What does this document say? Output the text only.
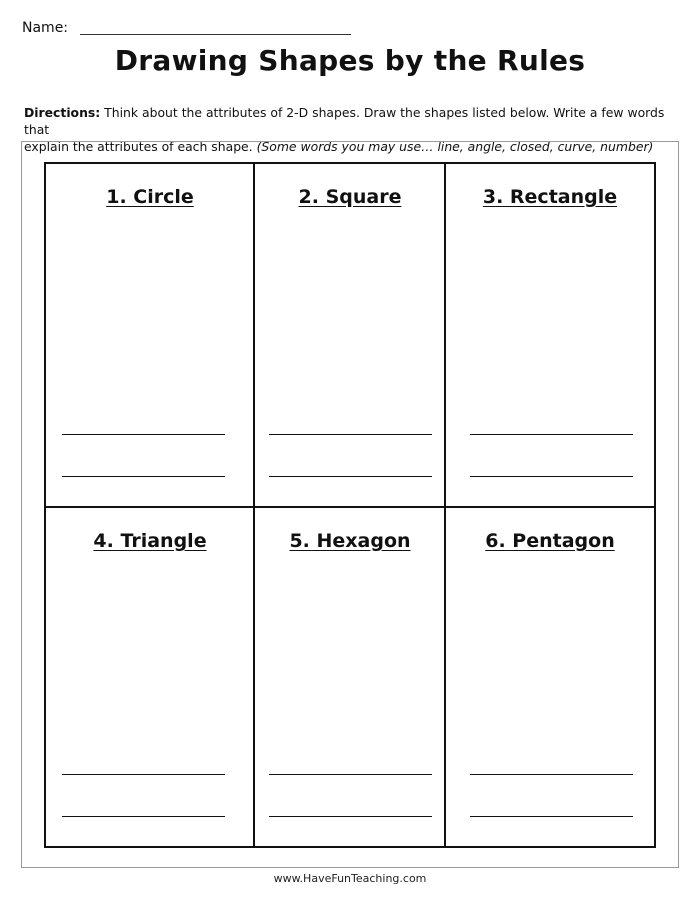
Name:
Drawing Shapes by the Rules
Directions: Think about the attributes of 2-D shapes. Draw the shapes listed below. Write a few words that
explain the attributes of each shape. (Some words you may use… line, angle, closed, curve, number)
1. Circle	2. Square	3. Rectangle
4. Triangle	5. Hexagon	6. Pentagon
www.HaveFunTeaching.com
